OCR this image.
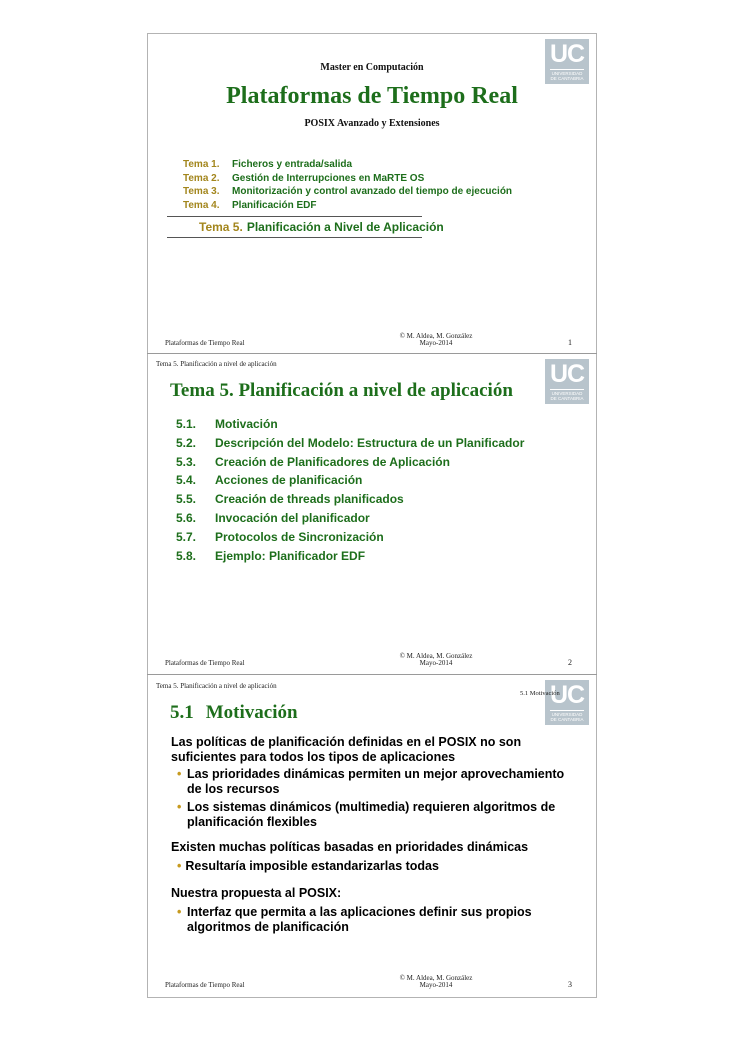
UC
UNIVERSIDAD
DE CANTABRIA
Master en Computación
Plataformas de Tiempo Real
POSIX Avanzado y Extensiones
Tema 1. Ficheros y entrada/salida
Tema 2. Gestión de Interrupciones en MaRTE OS
Tema 3. Monitorización y control avanzado del tiempo de ejecución
Tema 4. Planificación EDF
Tema 5. Planificación a Nivel de Aplicación
Plataformas de Tiempo Real
© M. Aldea, M. González
Mayo-2014	1
Tema 5. Planificación a nivel de aplicación	UC
UNIVERSIDAD
DE CANTABRIA
Tema 5. Planificación a nivel de aplicación
5.1. Motivación
5.2. Descripción del Modelo: Estructura de un Planificador
5.3. Creación de Planificadores de Aplicación
5.4. Acciones de planificación
5.5. Creación de threads planificados
5.6. Invocación del planificador
5.7. Protocolos de Sincronización
5.8. Ejemplo: Planificador EDF
Plataformas de Tiempo Real
© M. Aldea, M. González
Mayo-2014	2
Tema 5. Planificación a nivel de aplicación	UC
UNIVERSIDAD
DE CANTABRIA
5.1 Motivación
5.1 Motivación
Las políticas de planificación definidas en el POSIX no son
suficientes para todos los tipos de aplicaciones
• Las prioridades dinámicas permiten un mejor aprovechamiento
de los recursos
• Los sistemas dinámicos (multimedia) requieren algoritmos de
planificación flexibles
Existen muchas políticas basadas en prioridades dinámicas
• Resultaría imposible estandarizarlas todas
Nuestra propuesta al POSIX:
• Interfaz que permita a las aplicaciones definir sus propios
algoritmos de planificación
Plataformas de Tiempo Real
© M. Aldea, M. González
Mayo-2014	3
